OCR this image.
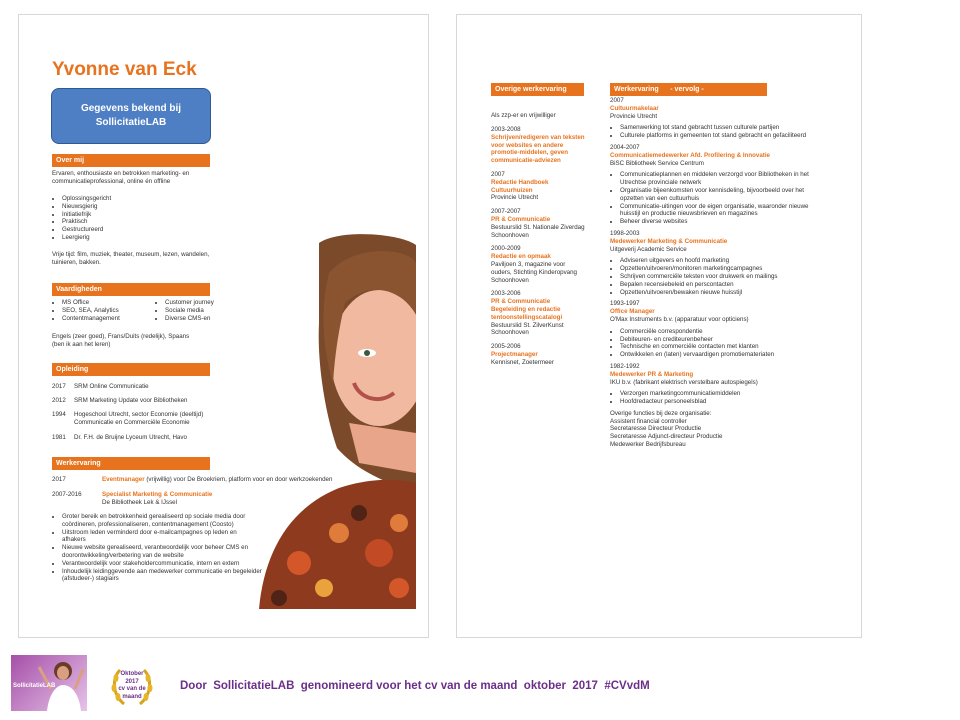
Yvonne van Eck
Gegevens bekend bij
SollicitatieLAB
Over mij
Ervaren, enthousiaste en betrokken marketing- en communicatieprofessional, online én offline
• Oplossingsgericht
• Nieuwsgierig
• Initiatiefrijk
• Praktisch
• Gestructureerd
• Leergierig
Vrije tijd: film, muziek, theater, museum, lezen, wandelen, tuinieren, bakken.
Vaardigheden
• MS Office
• SEO, SEA, Analytics
• Contentmanagement
• Customer journey
• Sociale media
• Diverse CMS-en
Engels (zeer goed), Frans/Duits (redelijk), Spaans (ben ik aan het leren)
Opleiding
2017 SRM Online Communicatie
2012 SRM Marketing Update voor Bibliotheken
1994 Hogeschool Utrecht, sector Economie (deeltijd) Communicatie en Commerciële Economie
1981 Dr. F.H. de Bruijne Lyceum Utrecht, Havo
Werkervaring
2017	Eventmanager (vrijwillig) voor De Broekriem, platform voor en door werkzoekenden
2007-2016	Specialist Marketing & Communicatie
De Bibliotheek Lek & IJssel
• Groter bereik en betrokkenheid gerealiseerd op sociale media door coördineren, professionaliseren, contentmanagement (Coosto)
• Uitstroom leden verminderd door e-mailcampagnes op leden en afhakers
• Nieuwe website gerealiseerd, verantwoordelijk voor beheer CMS en doorontwikkeling/verbetering van de website
• Verantwoordelijk voor stakeholdercommunicatie, intern en extern
• Inhoudelijk leidinggevende aan medewerker communicatie en begeleider (afstudeer-) stagiairs
Overige werkervaring
Als zzp-er en vrijwilliger
2003-2008
Schrijven/redigeren van teksten voor websites en andere promotie-middelen, geven communicatie-adviezen
2007
Redactie Handboek Cultuurhuizen
Provincie Utrecht
2007-2007
PR & Communicatie
Bestuurslid St. Nationale Ziverdag Schoonhoven
2000-2009
Redactie en opmaak
Paviljoen 3, magazine voor ouders, Stichting Kinderopvang Schoonhoven
2003-2006
PR & Communicatie Begeleiding en redactie tentoonstellingscatalogi
Bestuurslid St. ZilverKunst Schoonhoven
2005-2006
Projectmanager
Kennisnet, Zoetermeer
Werkervaring      - vervolg -
2007
Cultuurmakelaar
Provincie Utrecht
• Samenwerking tot stand gebracht tussen culturele partijen
• Culturele platforms in gemeenten tot stand gebracht en gefaciliteerd
2004-2007
Communicatiemedewerker Afd. Profilering & Innovatie
BiSC Bibliotheek Service Centrum
• Communicatieplannen en middelen verzorgd voor Bibliotheken in het Utrechtse provinciale netwerk
• Organisatie bijeenkomsten voor kennisdeling, bijvoorbeeld over het opzetten van een cultuurhuis
• Communicatie-uitingen voor de eigen organisatie, waaronder nieuwe huisstijl en productie nieuwsbrieven en magazines
• Beheer diverse websites
1998-2003
Medewerker Marketing & Communicatie
Uitgeverij Academic Service
• Adviseren uitgevers en hoofd marketing
• Opzetten/uitvoeren/monitoren marketingcampagnes
• Schrijven commerciële teksten voor drukwerk en mailings
• Bepalen recensiebeleid en perscontacten
• Opzetten/uitvoeren/bewaken nieuwe huisstijl
1993-1997
Office Manager
O'Max Instruments b.v. (apparatuur voor opticiens)
• Commerciële correspondentie
• Debiteuren- en crediteurenbeheer
• Technische en commerciële contacten met klanten
• Ontwikkelen en (laten) vervaardigen promotiemateriaten
1982-1992
Medewerker PR & Marketing
IKU b.v. (fabrikant elektrisch verstelbare autospiegels)
• Verzorgen marketingcommunicatiemiddelen
• Hoofdredacteur personeelsblad
Overige functies bij deze organisatie:
Assistent financial controller
Secretaresse Directeur Productie
Secretaresse Adjunct-directeur Productie
Medewerker Bedrijfsbureau
SollicitatieLAB
Oktober
2017
cv van de
maand
Door  SollicitatieLAB  genomineerd voor het cv van de maand  oktober  2017  #CVvdM
